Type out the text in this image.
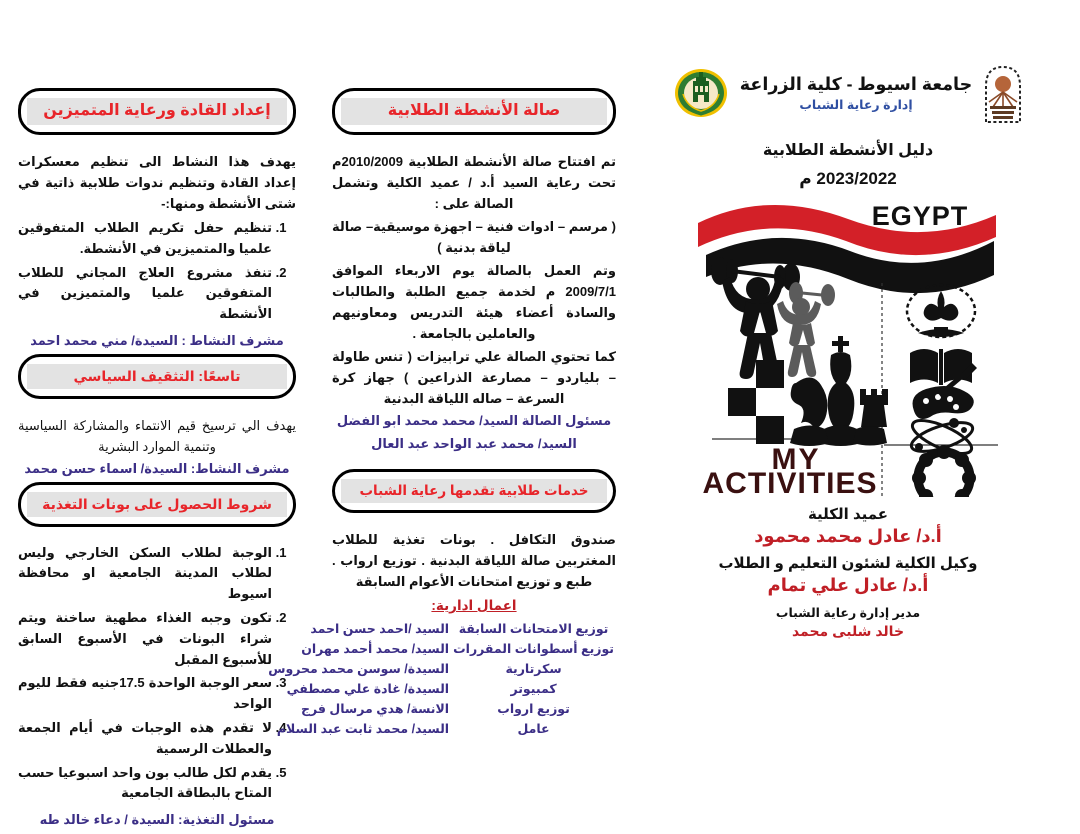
إعداد القادة ورعاية المتميزين

يهدف هذا النشاط الى تنظيم معسكرات إعداد القادة وتنظيم ندوات طلابية ذاتية في شتى الأنشطة ومنها:-

1. تنظيم حفل تكريم الطلاب المتفوقين علميا والمتميزين في الأنشطة.
2. تنفذ مشروع العلاج المجاني للطلاب المتفوقين علميا والمتميزين في الأنشطة

مشرف النشاط : السيدة/ مني محمد احمد

تاسعًا: التثقيف السياسي

يهدف الي ترسيخ قيم الانتماء والمشاركة السياسية وتنمية الموارد البشرية

مشرف النشاط: السيدة/ اسماء حسن محمد

شروط الحصول على بونات التغذية
1. الوجبة لطلاب السكن الخارجي وليس لطلاب المدينة الجامعية او محافظة اسيوط
2. تكون وجبه الغذاء مطهية ساخنة ويتم شراء البونات في الأسبوع السابق للأسبوع المقبل
3. سعر الوجبة الواحدة 17.5جنيه فقط لليوم الواحد
4. لا تقدم هذه الوجبات في أيام الجمعة والعطلات الرسمية
5. يقدم لكل طالب بون واحد اسبوعيا حسب المتاح بالبطاقة الجامعية

مسئول التغذية: السيدة / دعاء خالد طه

صالة الأنشطة الطلابية

تم افتتاح صالة الأنشطة الطلابية 2010/2009م تحت رعاية السيد أ.د / عميد الكلية وتشمل الصالة على :

( مرسم – ادوات فنية – اجهزة موسيقية– صالة لياقة بدنية )

وتم العمل بالصالة يوم الاربعاء الموافق 2009/7/1 م لخدمة جميع الطلبة والطالبات والسادة أعضاء هيئة التدريس ومعاونيهم والعاملين بالجامعة .

كما تحتوي الصالة علي ترابيزات ( تنس طاولة – بلياردو – مصارعة الذراعين ) جهاز كرة السرعة – صاله اللياقة البدنية

مسئول الصالة السيد/ محمد محمد ابو الفضل

السيد/ محمد عبد الواحد عبد العال

خدمات طلابية تقدمها رعاية الشباب

صندوق التكافل . بونات تغذية للطلاب المغتربين صالة اللياقة البدنية . توزيع ارواب . طبع و توزيع امتحانات الأعوام السابقة

اعمال ادارية:

توزيع الامتحانات السابقة	السيد /احمد حسن احمد
توزيع أسطوانات المقررات	السيد/ محمد أحمد مهران
سكرتارية	السيدة/ سوسن محمد محروس
كمبيوتر	السيدة/ غادة علي مصطفي
توزيع ارواب	الانسة/ هدي مرسال فرج
عامل	السيد/ محمد ثابت عبد السلام
جامعة اسيوط - كلية الزراعة
إدارة رعاية الشباب
دليل الأنشطة الطلابية
2023/2022 م
EGYPT
MY
ACTIVITIES
عميد الكلية
أ.د/ عادل محمد محمود
وكيل الكلية لشئون التعليم و الطلاب
أ.د/ عادل علي تمام
مدير إدارة رعاية الشباب
خالد شلبى محمد
